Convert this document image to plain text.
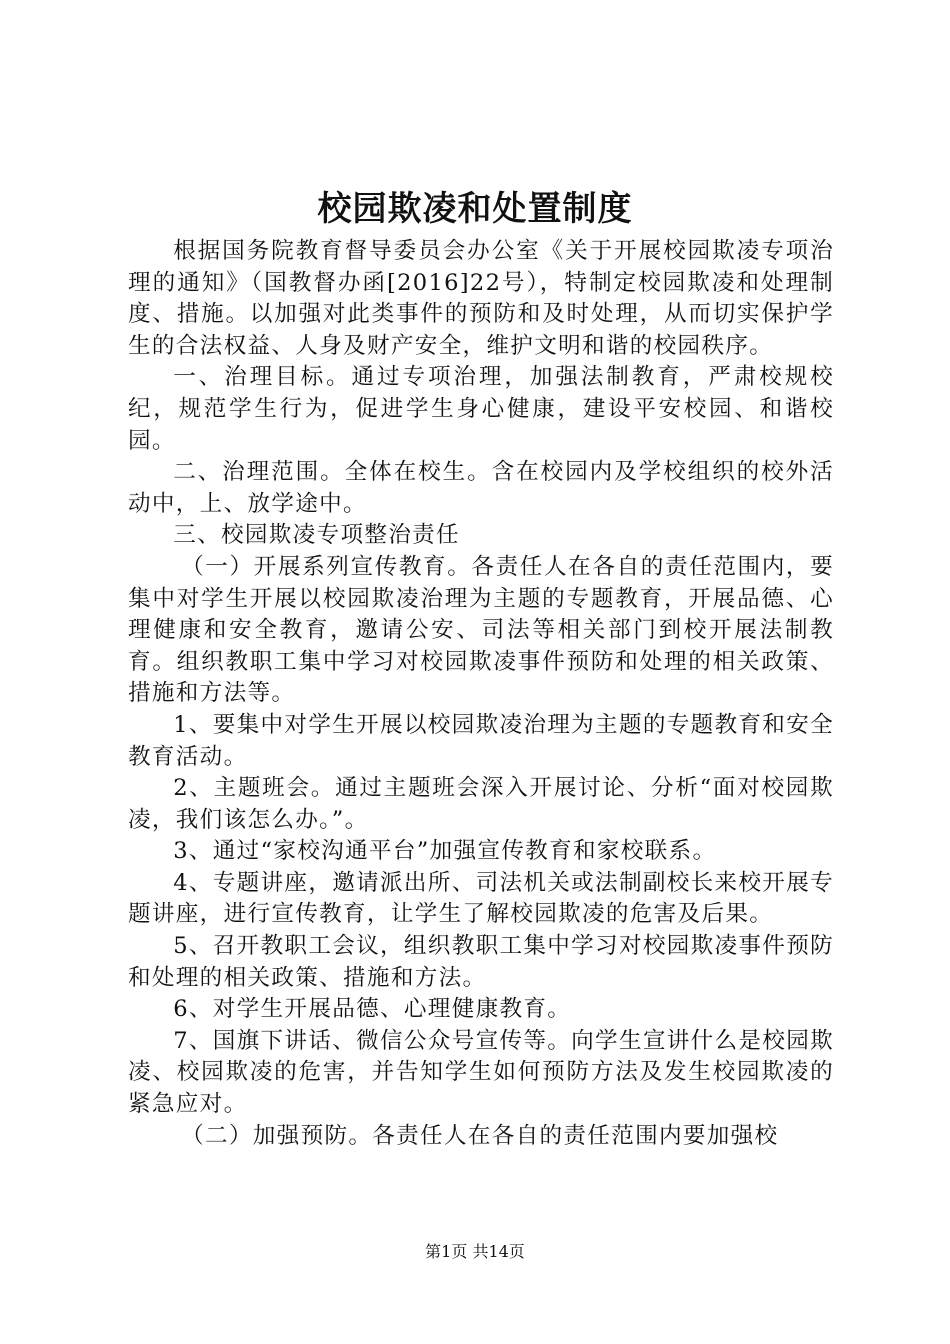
校园欺凌和处置制度

根据国务院教育督导委员会办公室《关于开展校园欺凌专项治理的通知》（国教督办函[2016]22号），特制定校园欺凌和处理制度、措施。以加强对此类事件的预防和及时处理，从而切实保护学生的合法权益、人身及财产安全，维护文明和谐的校园秩序。

一、治理目标。通过专项治理，加强法制教育，严肃校规校纪，规范学生行为，促进学生身心健康，建设平安校园、和谐校园。

二、治理范围。全体在校生。含在校园内及学校组织的校外活动中，上、放学途中。

三、校园欺凌专项整治责任

（一）开展系列宣传教育。各责任人在各自的责任范围内，要集中对学生开展以校园欺凌治理为主题的专题教育，开展品德、心理健康和安全教育，邀请公安、司法等相关部门到校开展法制教育。组织教职工集中学习对校园欺凌事件预防和处理的相关政策、措施和方法等。

1、要集中对学生开展以校园欺凌治理为主题的专题教育和安全教育活动。

2、主题班会。通过主题班会深入开展讨论、分析“面对校园欺凌，我们该怎么办。”。

3、通过“家校沟通平台”加强宣传教育和家校联系。

4、专题讲座，邀请派出所、司法机关或法制副校长来校开展专题讲座，进行宣传教育，让学生了解校园欺凌的危害及后果。

5、召开教职工会议，组织教职工集中学习对校园欺凌事件预防和处理的相关政策、措施和方法。

6、对学生开展品德、心理健康教育。

7、国旗下讲话、微信公众号宣传等。向学生宣讲什么是校园欺凌、校园欺凌的危害，并告知学生如何预防方法及发生校园欺凌的紧急应对。

（二）加强预防。各责任人在各自的责任范围内要加强校

第1页 共14页
